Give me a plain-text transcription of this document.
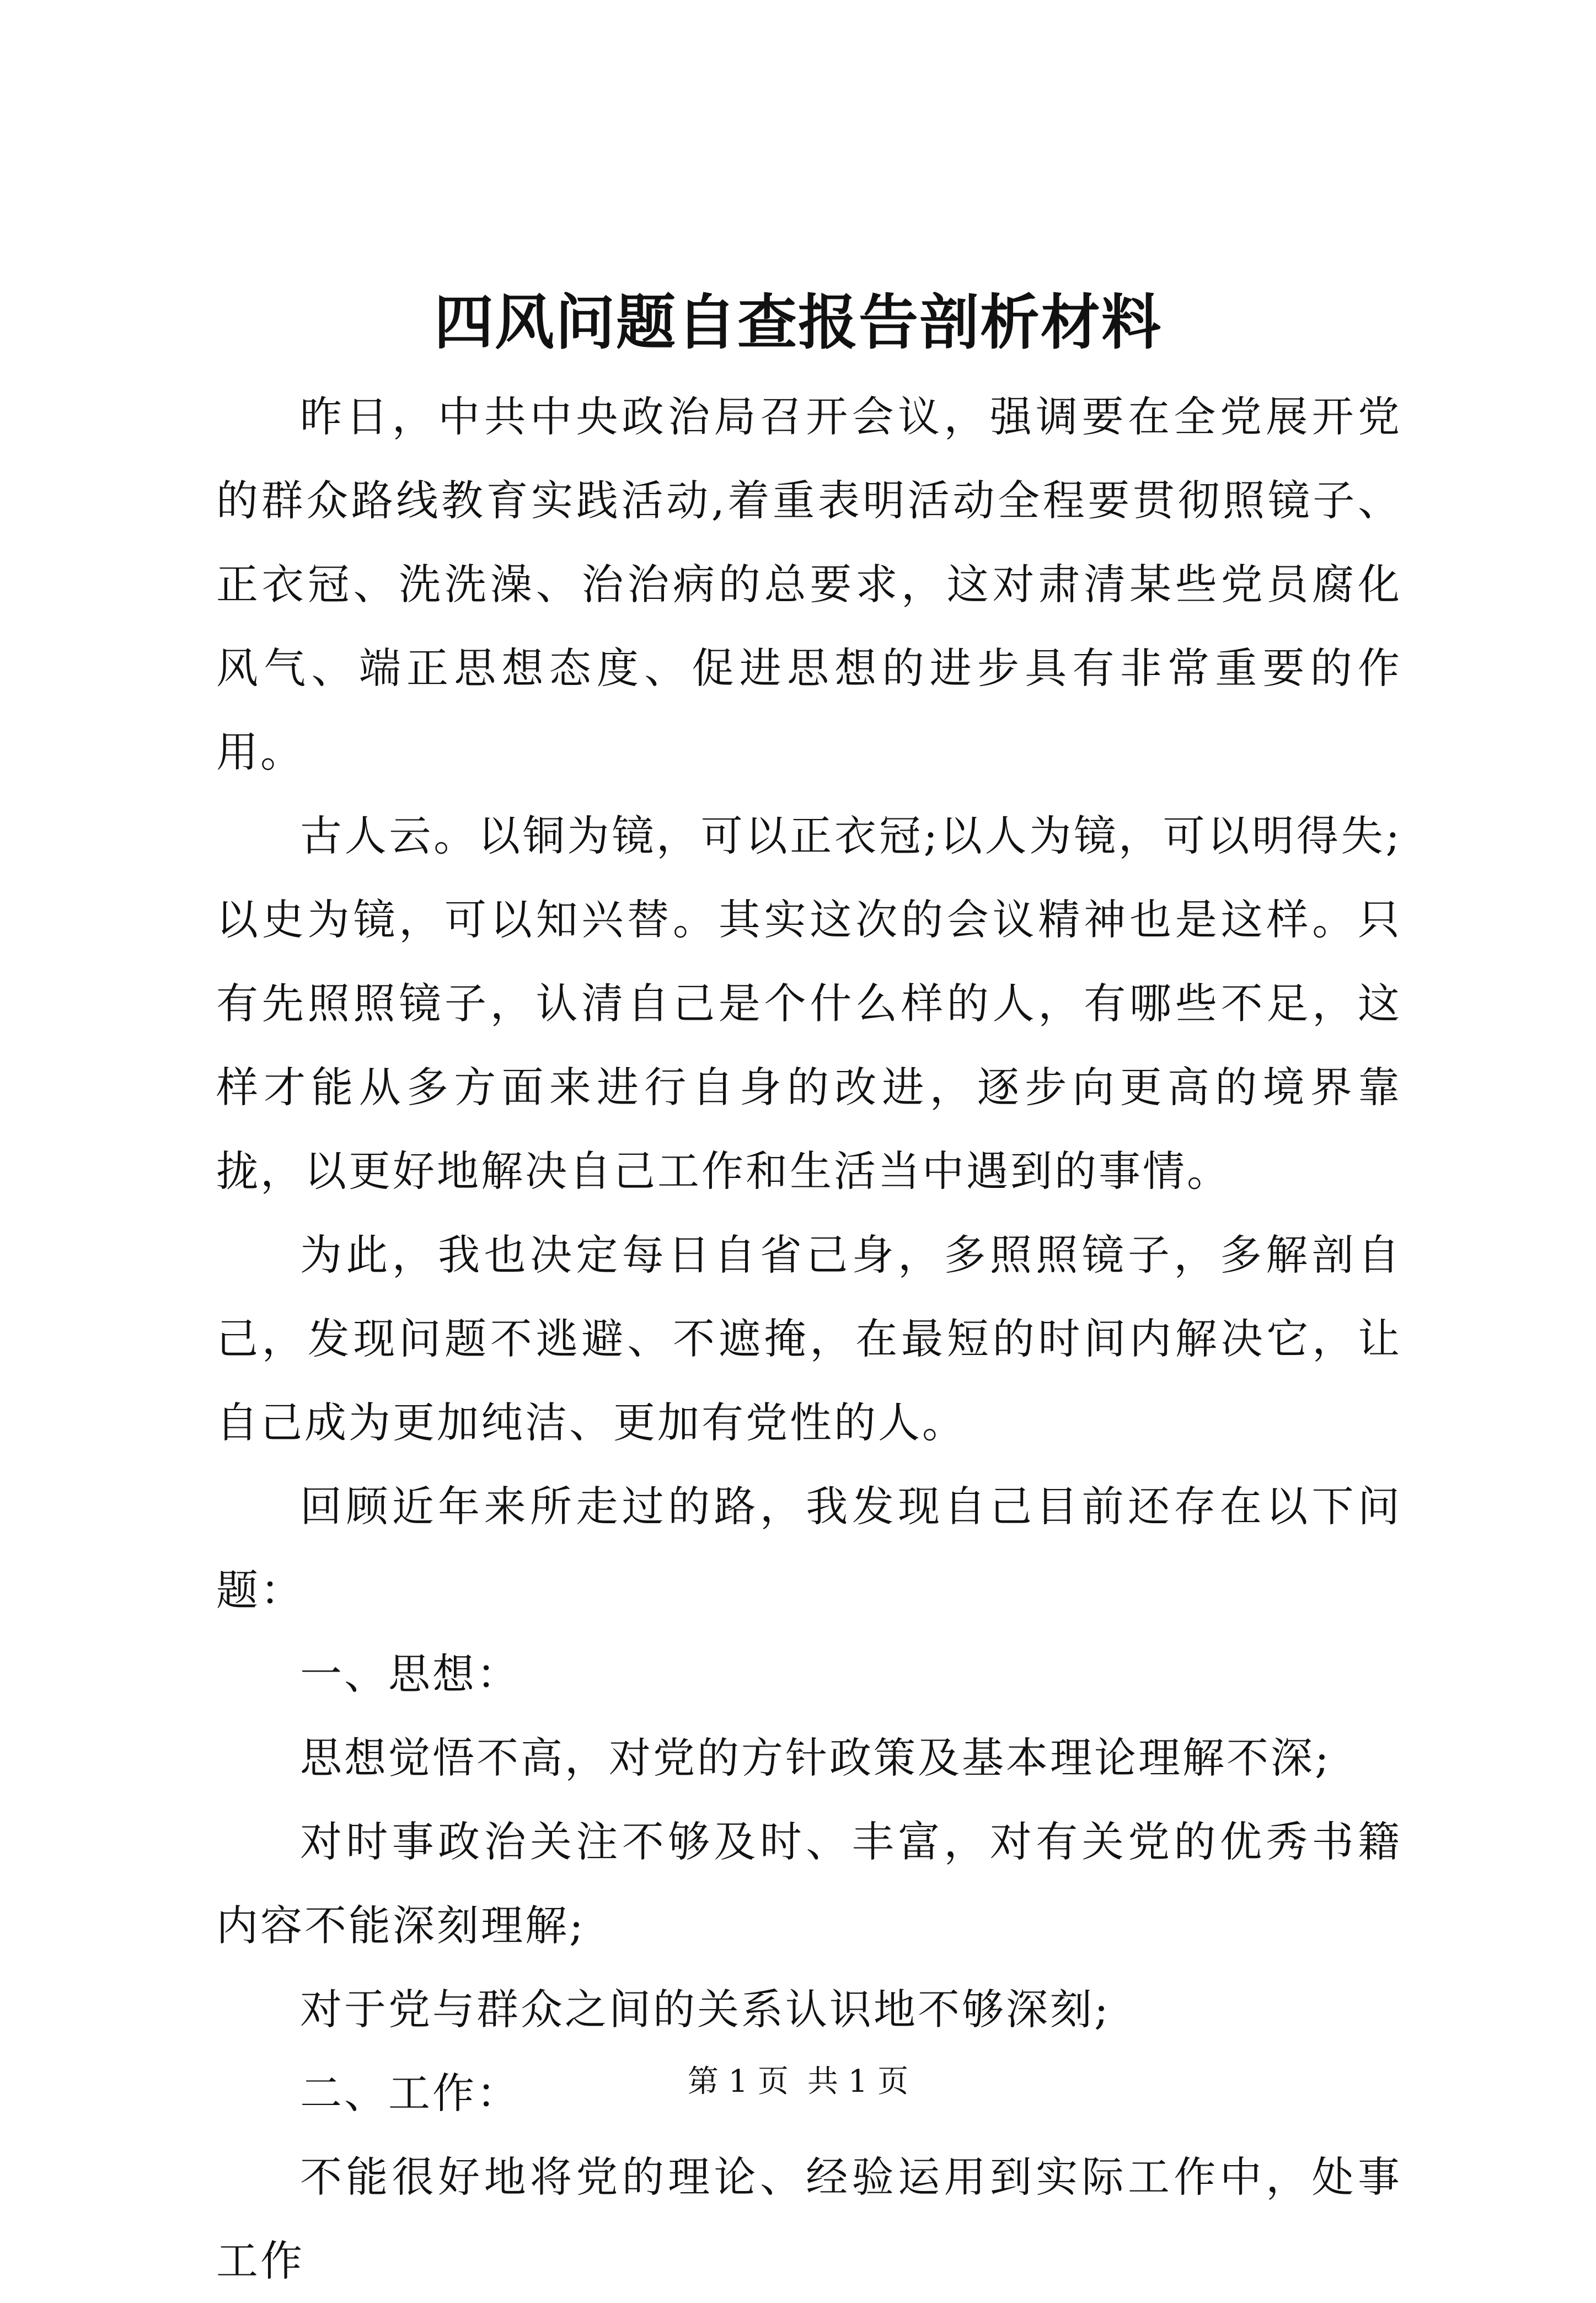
四风问题自查报告剖析材料

昨日，中共中央政治局召开会议，强调要在全党展开党的群众路线教育实践活动,着重表明活动全程要贯彻照镜子、正衣冠、洗洗澡、治治病的总要求，这对肃清某些党员腐化风气、端正思想态度、促进思想的进步具有非常重要的作用。

古人云。以铜为镜，可以正衣冠;以人为镜，可以明得失;以史为镜，可以知兴替。其实这次的会议精神也是这样。只有先照照镜子，认清自己是个什么样的人，有哪些不足，这样才能从多方面来进行自身的改进，逐步向更高的境界靠拢，以更好地解决自己工作和生活当中遇到的事情。

为此，我也决定每日自省己身，多照照镜子，多解剖自己，发现问题不逃避、不遮掩，在最短的时间内解决它，让自己成为更加纯洁、更加有党性的人。

回顾近年来所走过的路，我发现自己目前还存在以下问题：

一、思想：

思想觉悟不高，对党的方针政策及基本理论理解不深;

对时事政治关注不够及时、丰富，对有关党的优秀书籍内容不能深刻理解;

对于党与群众之间的关系认识地不够深刻;

二、工作：

不能很好地将党的理论、经验运用到实际工作中，处事工作

第 1 页 共 1 页
